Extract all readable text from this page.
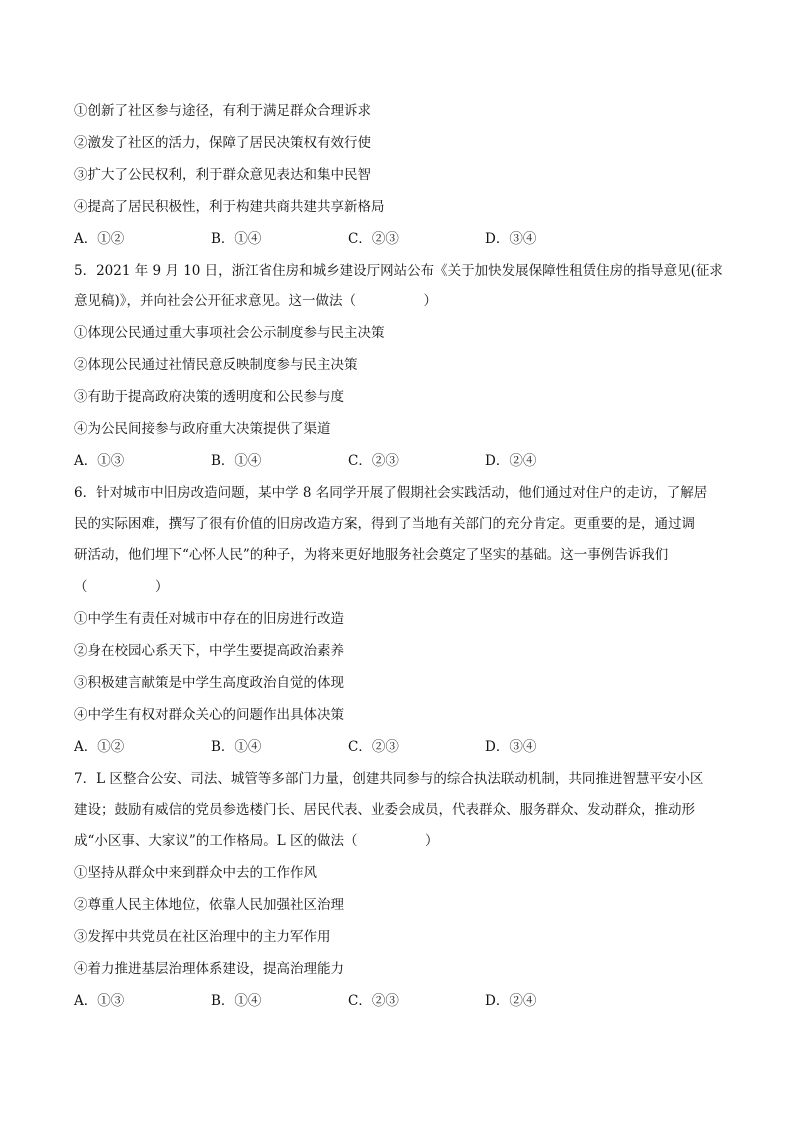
①创新了社区参与途径，有利于满足群众合理诉求
②激发了社区的活力，保障了居民决策权有效行使
③扩大了公民权利，利于群众意见表达和集中民智
④提高了居民积极性，利于构建共商共建共享新格局
A．①②	B．①④	C．②③	D．③④
5．2021 年 9 月 10 日，浙江省住房和城乡建设厅网站公布《关于加快发展保障性租赁住房的指导意见(征求
意见稿)》，并向社会公开征求意见。这一做法（　　　　　）
①体现公民通过重大事项社会公示制度参与民主决策
②体现公民通过社情民意反映制度参与民主决策
③有助于提高政府决策的透明度和公民参与度
④为公民间接参与政府重大决策提供了渠道
A．①③	B．①④	C．②③	D．②④
6．针对城市中旧房改造问题，某中学 8 名同学开展了假期社会实践活动，他们通过对住户的走访，了解居
民的实际困难，撰写了很有价值的旧房改造方案，得到了当地有关部门的充分肯定。更重要的是，通过调
研活动，他们埋下“心怀人民”的种子，为将来更好地服务社会奠定了坚实的基础。这一事例告诉我们
（　　　　　）
①中学生有责任对城市中存在的旧房进行改造
②身在校园心系天下，中学生要提高政治素养
③积极建言献策是中学生高度政治自觉的体现
④中学生有权对群众关心的问题作出具体决策
A．①②	B．①④	C．②③	D．③④
7．L 区整合公安、司法、城管等多部门力量，创建共同参与的综合执法联动机制，共同推进智慧平安小区
建设；鼓励有威信的党员参选楼门长、居民代表、业委会成员，代表群众、服务群众、发动群众，推动形
成“小区事、大家议”的工作格局。L 区的做法（　　　　　）
①坚持从群众中来到群众中去的工作作风
②尊重人民主体地位，依靠人民加强社区治理
③发挥中共党员在社区治理中的主力军作用
④着力推进基层治理体系建设，提高治理能力
A．①③	B．①④	C．②③	D．②④
